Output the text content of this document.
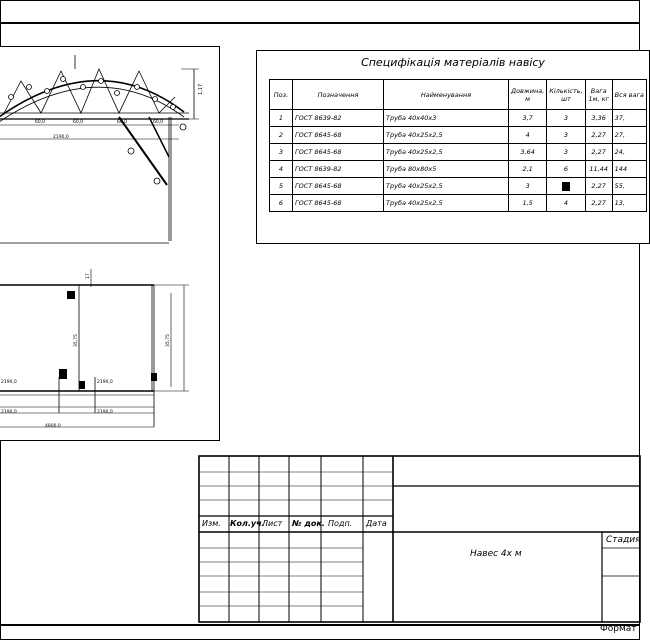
1,17
60,0	60,0	60,0	60,0
2190,0
17
35,75	35,75
2190,0	2190,0
2190,0	2190,0
4800,0
Специфікація матеріалів навісу
Поз.	Позначення	Найменування	Довжина, м	Кількість, шт	Вага 1м, кг	Вся вага
1	ГОСТ 8639-82	Труба 40х40х3	3,7	3	3,36	37,
2	ГОСТ 8645-68	Труба 40х25х2,5	4	3	2,27	27,
3	ГОСТ 8645-68	Труба 40х25х2,5	3,64	3	2,27	24,
4	ГОСТ 8639-82	Труба 80х80х5	2,1	6	11,44	144
5	ГОСТ 8645-68	Труба 40х25х2,5	3		2,27	55,
6	ГОСТ 8645-68	Труба 40х25х2,5	1,5	4	2,27	13,
Изм. Кол.уч.
Лист № док. Подп. Дата
Навес 4х м
Стадия
Формат
